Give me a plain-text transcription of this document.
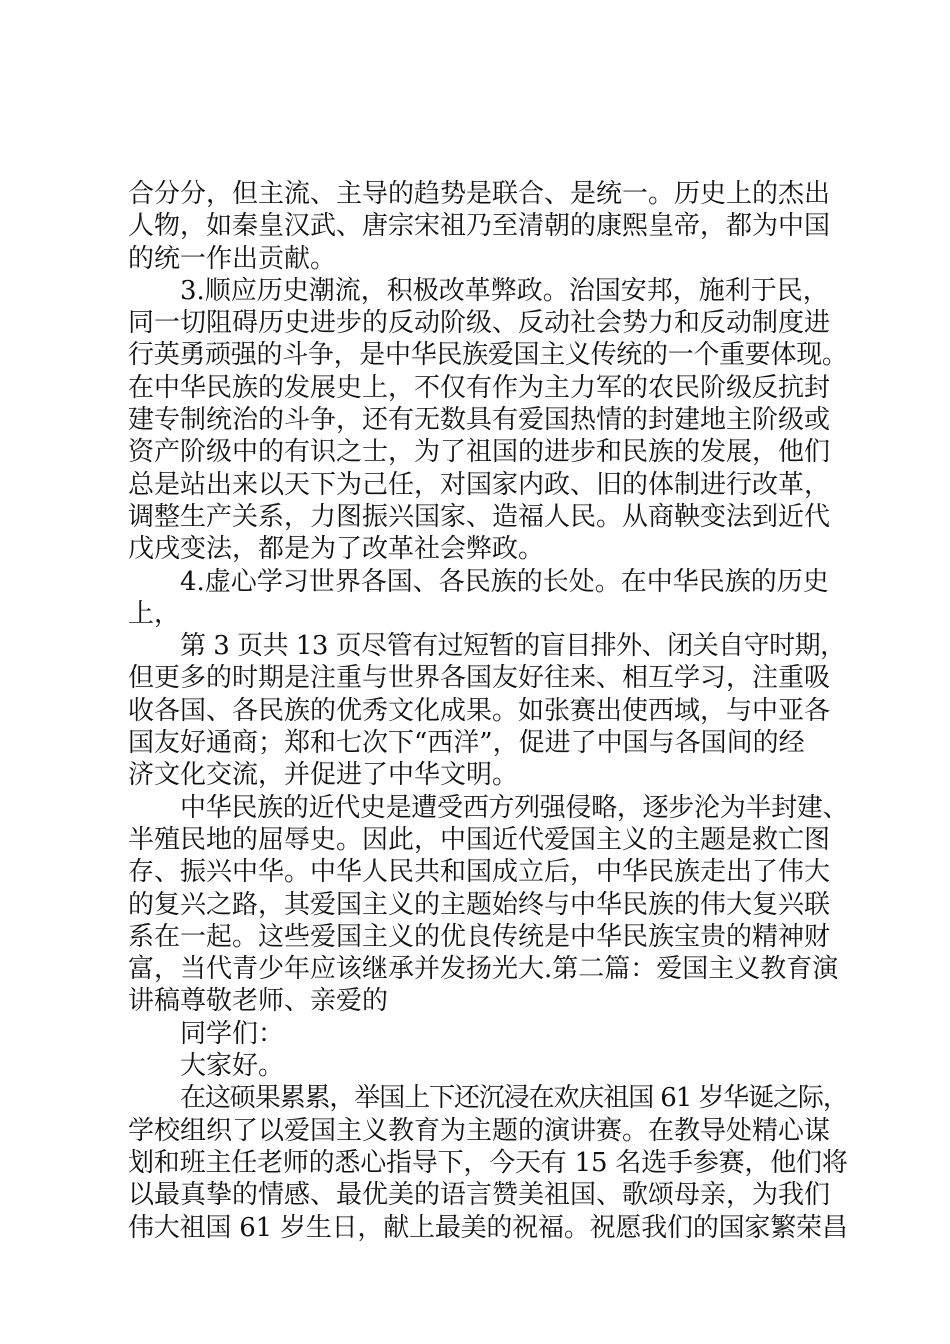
合分分，但主流、主导的趋势是联合、是统一。历史上的杰出

人物，如秦皇汉武、唐宗宋祖乃至清朝的康熙皇帝，都为中国

的统一作出贡献。

3.顺应历史潮流，积极改革弊政。治国安邦，施利于民，

同一切阻碍历史进步的反动阶级、反动社会势力和反动制度进

行英勇顽强的斗争，是中华民族爱国主义传统的一个重要体现。

在中华民族的发展史上，不仅有作为主力军的农民阶级反抗封

建专制统治的斗争，还有无数具有爱国热情的封建地主阶级或

资产阶级中的有识之士，为了祖国的进步和民族的发展，他们

总是站出来以天下为己任，对国家内政、旧的体制进行改革，

调整生产关系，力图振兴国家、造福人民。从商鞅变法到近代

戊戌变法，都是为了改革社会弊政。

4.虚心学习世界各国、各民族的长处。在中华民族的历史

上，

第 3 页共 13 页尽管有过短暂的盲目排外、闭关自守时期，

但更多的时期是注重与世界各国友好往来、相互学习，注重吸

收各国、各民族的优秀文化成果。如张赛出使西域，与中亚各

国友好通商；郑和七次下“西洋”，促进了中国与各国间的经

济文化交流，并促进了中华文明。

中华民族的近代史是遭受西方列强侵略，逐步沦为半封建、

半殖民地的屈辱史。因此，中国近代爱国主义的主题是救亡图

存、振兴中华。中华人民共和国成立后，中华民族走出了伟大

的复兴之路，其爱国主义的主题始终与中华民族的伟大复兴联

系在一起。这些爱国主义的优良传统是中华民族宝贵的精神财

富，当代青少年应该继承并发扬光大.第二篇：爱国主义教育演

讲稿尊敬老师、亲爱的

同学们：

大家好。

在这硕果累累，举国上下还沉浸在欢庆祖国 61 岁华诞之际，

学校组织了以爱国主义教育为主题的演讲赛。在教导处精心谋

划和班主任老师的悉心指导下，今天有 15 名选手参赛，他们将

以最真挚的情感、最优美的语言赞美祖国、歌颂母亲，为我们

伟大祖国 61 岁生日，献上最美的祝福。祝愿我们的国家繁荣昌
